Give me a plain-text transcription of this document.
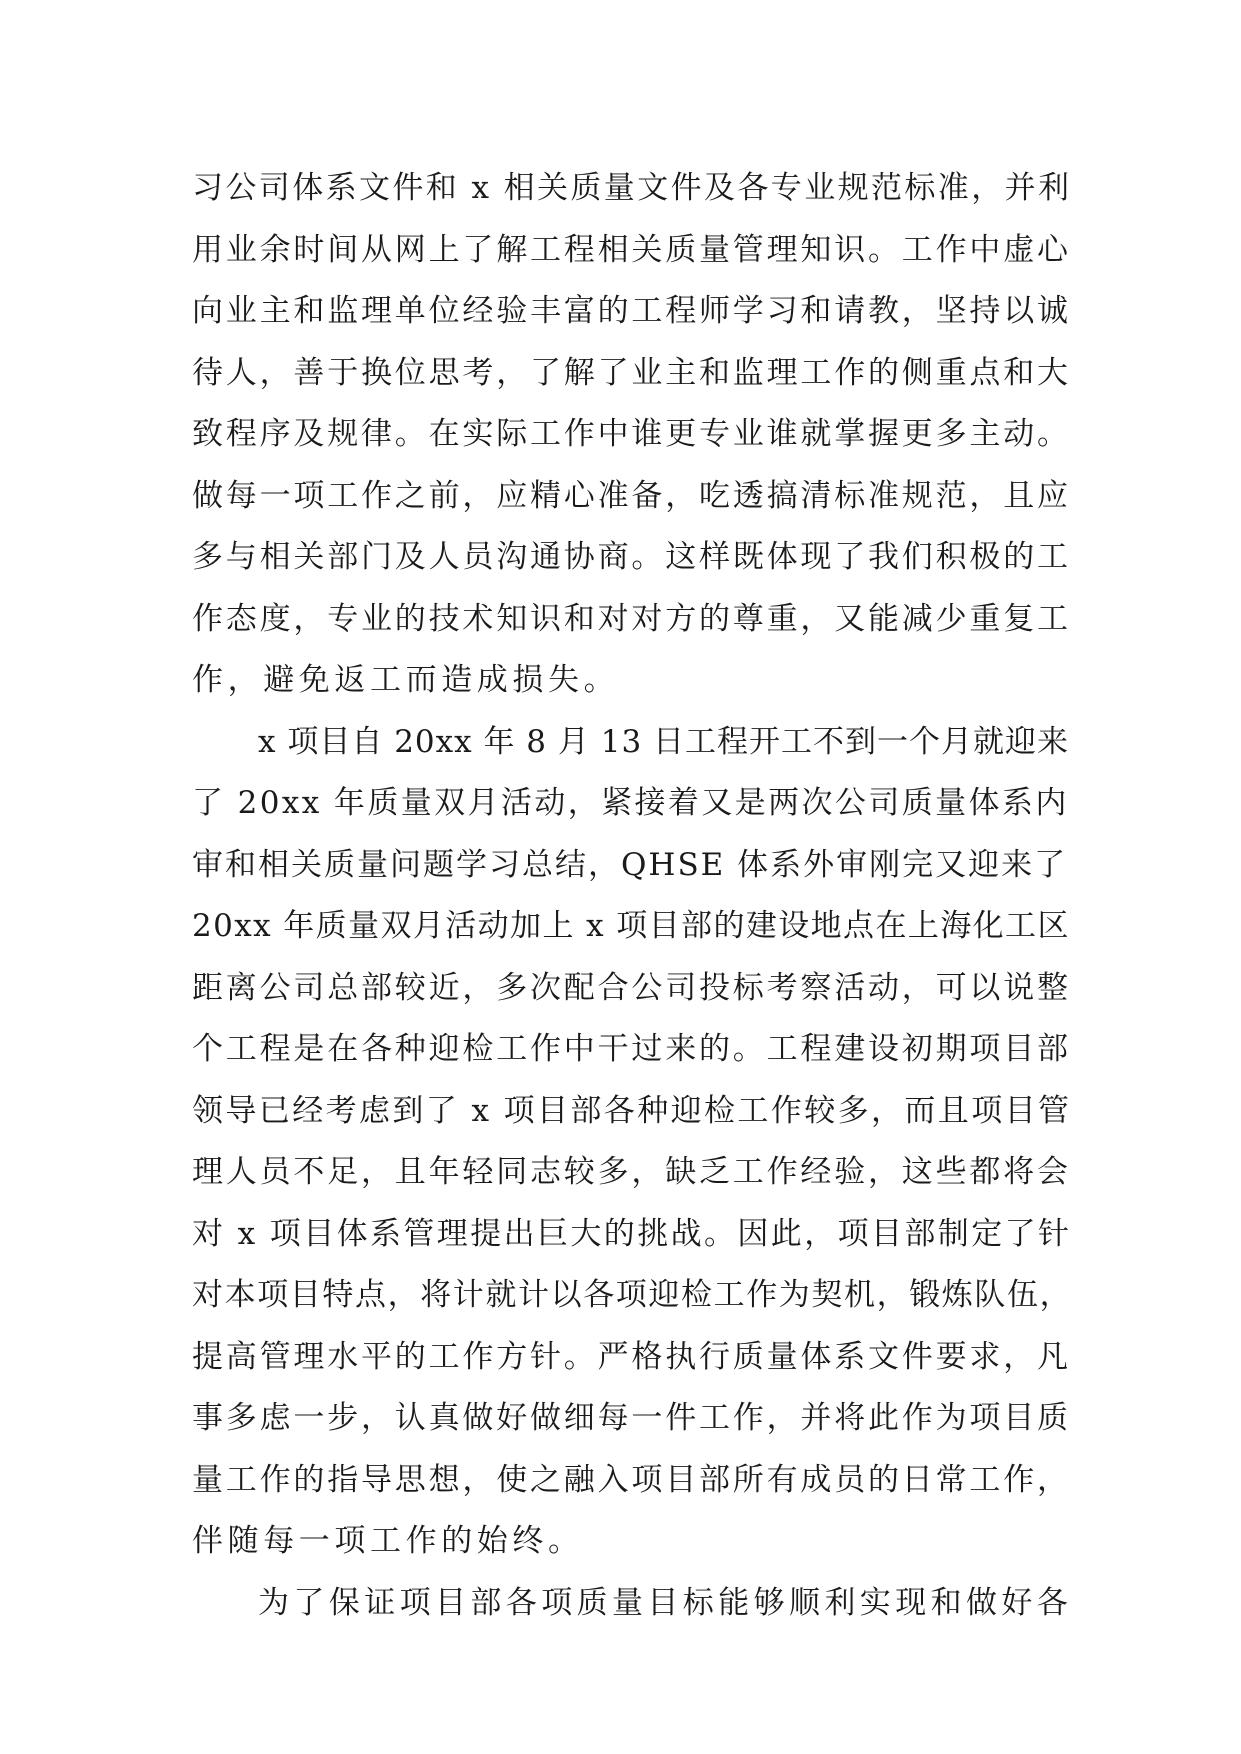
习公司体系文件和 x 相关质量文件及各专业规范标准，并利
用业余时间从网上了解工程相关质量管理知识。工作中虚心
向业主和监理单位经验丰富的工程师学习和请教，坚持以诚
待人，善于换位思考，了解了业主和监理工作的侧重点和大
致程序及规律。在实际工作中谁更专业谁就掌握更多主动。
做每一项工作之前，应精心准备，吃透搞清标准规范，且应
多与相关部门及人员沟通协商。这样既体现了我们积极的工
作态度，专业的技术知识和对对方的尊重，又能减少重复工
作，避免返工而造成损失。
x 项目自 20xx 年 8 月 13 日工程开工不到一个月就迎来
了 20xx 年质量双月活动，紧接着又是两次公司质量体系内
审和相关质量问题学习总结，QHSE 体系外审刚完又迎来了
20xx 年质量双月活动加上 x 项目部的建设地点在上海化工区
距离公司总部较近，多次配合公司投标考察活动，可以说整
个工程是在各种迎检工作中干过来的。工程建设初期项目部
领导已经考虑到了 x 项目部各种迎检工作较多，而且项目管
理人员不足，且年轻同志较多，缺乏工作经验，这些都将会
对 x 项目体系管理提出巨大的挑战。因此，项目部制定了针
对本项目特点，将计就计以各项迎检工作为契机，锻炼队伍，
提高管理水平的工作方针。严格执行质量体系文件要求，凡
事多虑一步，认真做好做细每一件工作，并将此作为项目质
量工作的指导思想，使之融入项目部所有成员的日常工作，
伴随每一项工作的始终。
为了保证项目部各项质量目标能够顺利实现和做好各
